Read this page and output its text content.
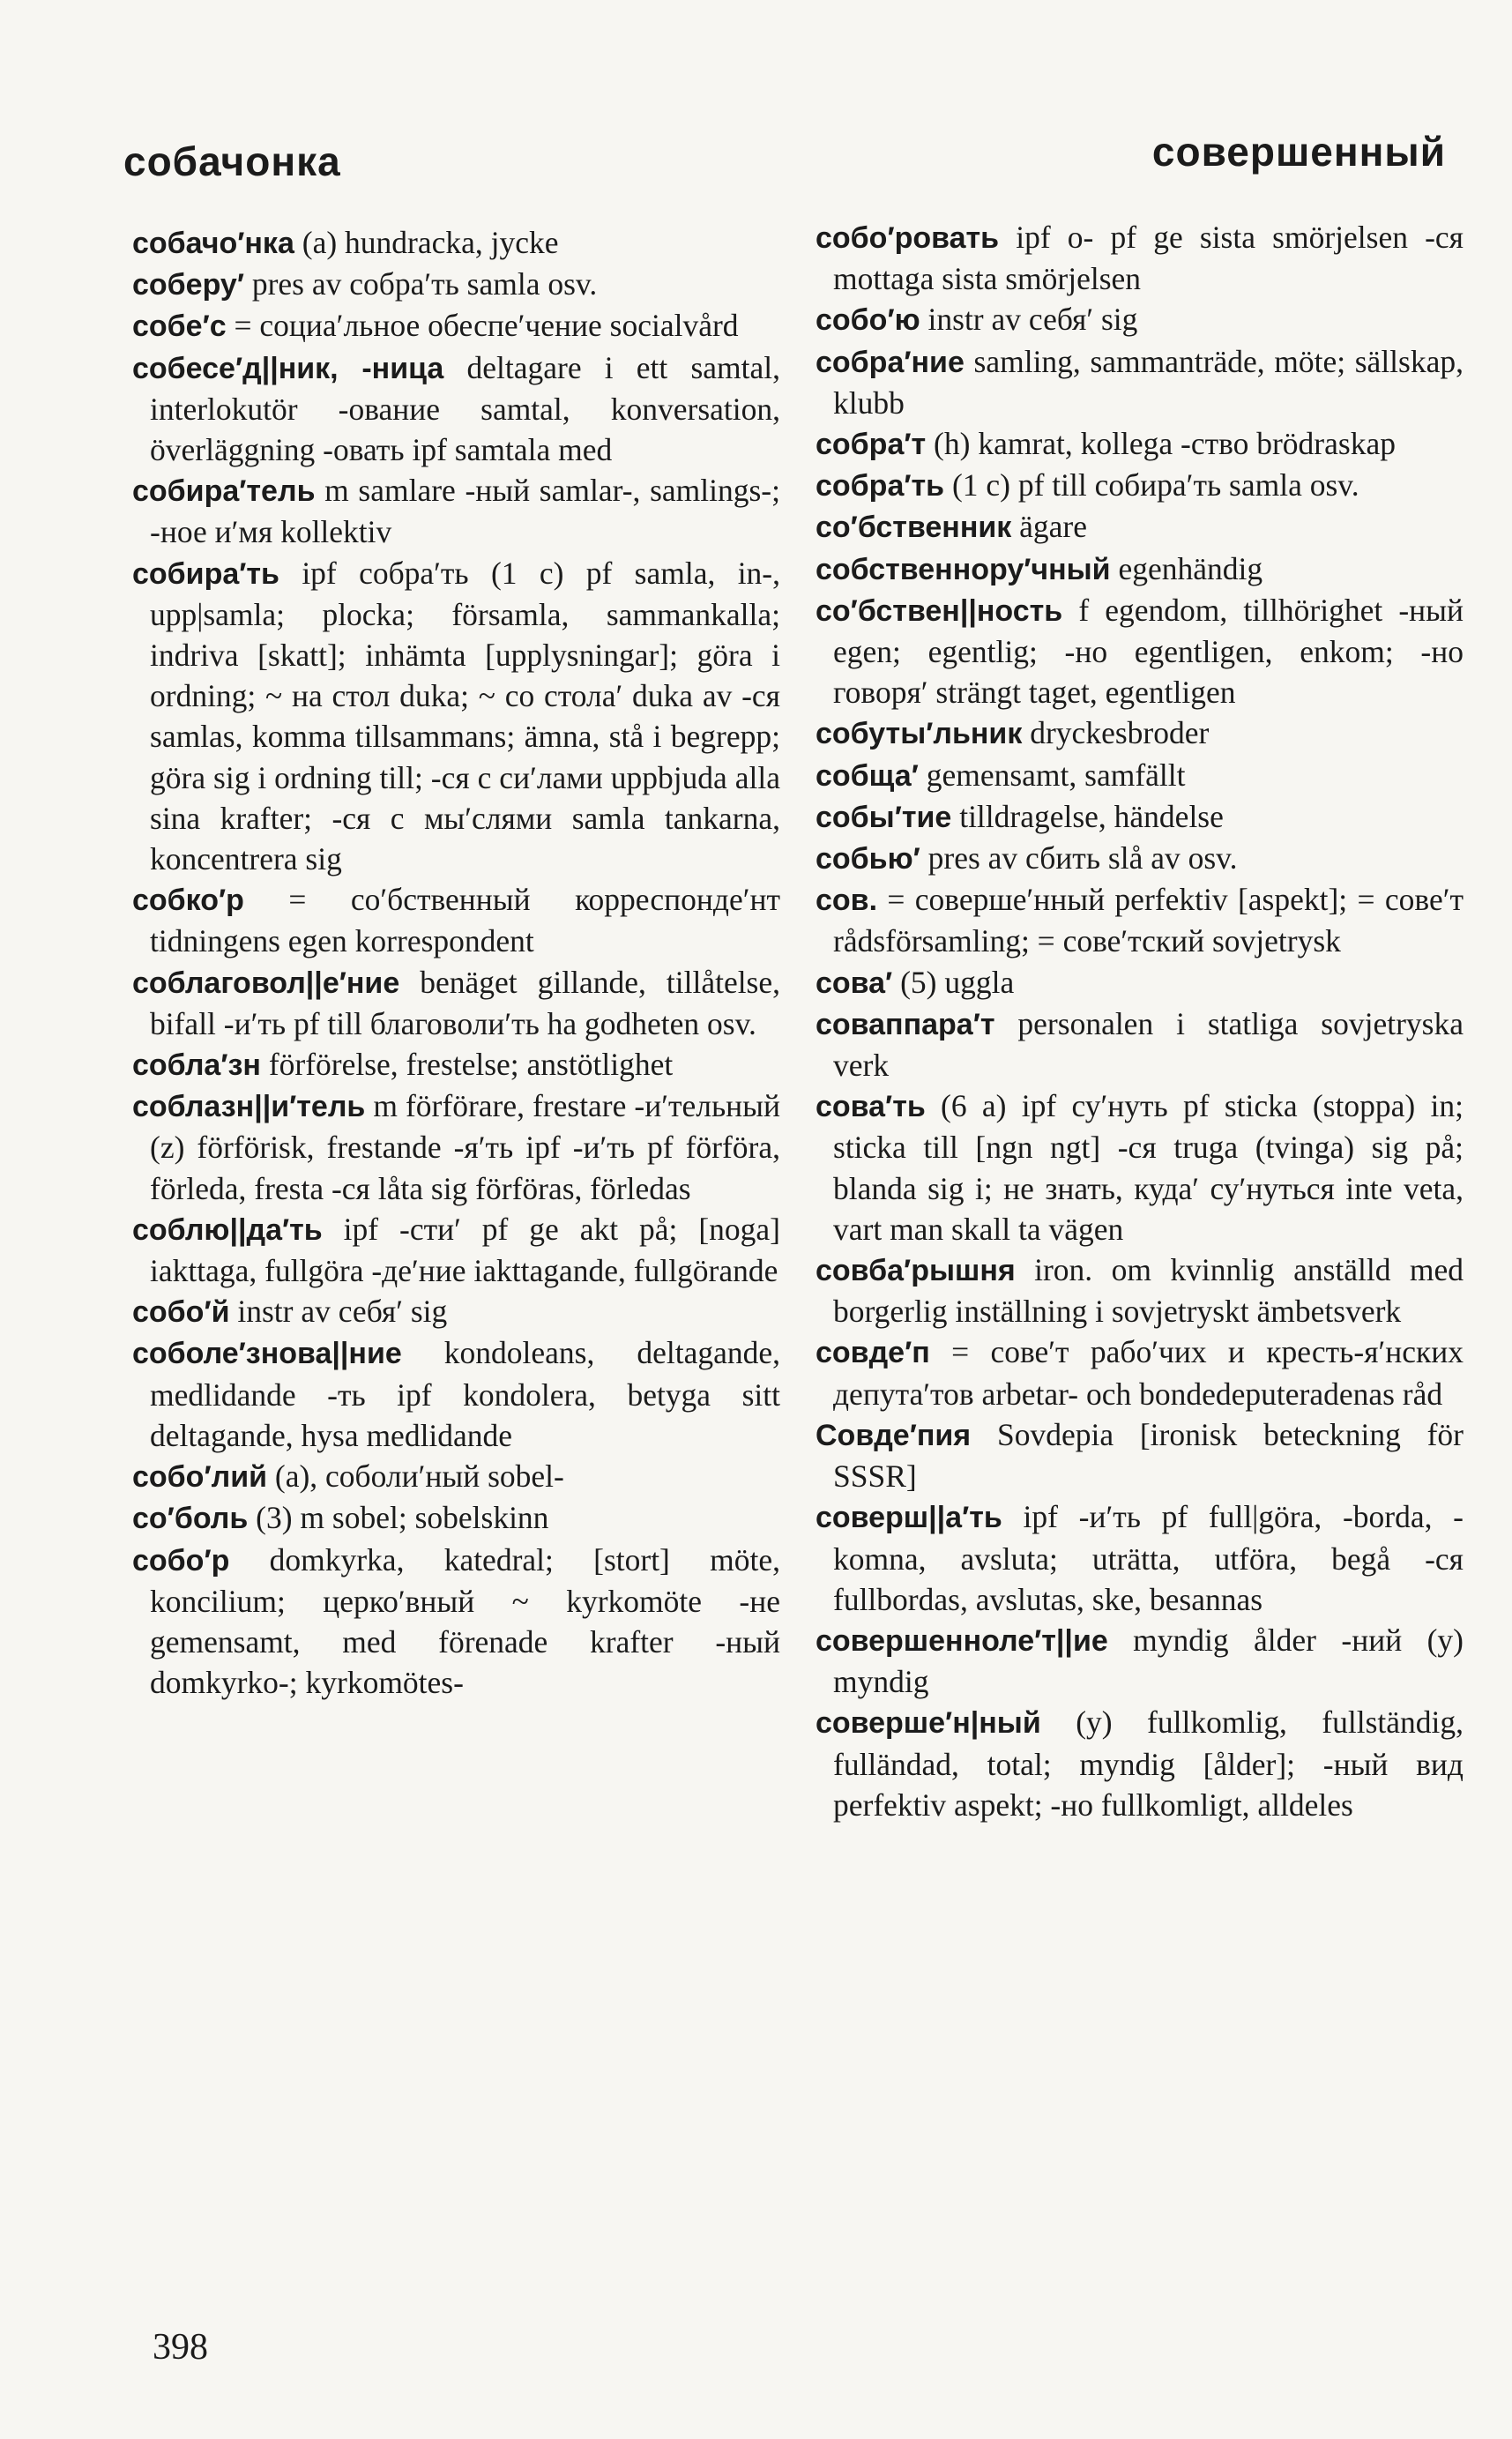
собачонка	совершенный
собачо′нка (a) hundracka, jycke
соберу′ pres av собра′ть samla osv.
собе′с = социа′льное обеспе′чение socialvård
собесе′д||ник, -ница deltagare i ett samtal, interlokutör -ование samtal, konversation, överläggning -овать ipf samtala med
собира′тель m samlare -ный samlar-, samlings-; -ное и′мя kollektiv
собира′ть ipf собра′ть (1 c) pf samla, in-, upp|samla; plocka; församla, sammankalla; indriva [skatt]; inhämta [upplysningar]; göra i ordning; ~ на стол duka; ~ со стола′ duka av -ся samlas, komma tillsammans; ämna, stå i begrepp; göra sig i ordning till; -ся с си′лами uppbjuda alla sina krafter; -ся с мы′слями samla tankarna, koncentrera sig
собко′р = со′бственный корреспонде′нт tidningens egen korrespondent
соблаговол||е′ние benäget gillande, tillåtelse, bifall -и′ть pf till благоволи′ть ha godheten osv.
собла′зн förförelse, frestelse; anstötlighet
соблазн||и′тель m förförare, frestare -и′тельный (z) förförisk, frestande -я′ть ipf -и′ть pf förföra, förleda, fresta -ся låta sig förföras, förledas
соблю||да′ть ipf -сти′ pf ge akt på; [noga] iakttaga, fullgöra -де′ние iakttagande, fullgörande
собо′й instr av себя′ sig
соболе′знова||ние kondoleans, deltagande, medlidande -ть ipf kondolera, betyga sitt deltagande, hysa medlidande
собо′лий (a), соболи′ный sobel-
со′боль (3) m sobel; sobelskinn
собо′р domkyrka, katedral; [stort] möte, koncilium; церко′вный ~ kyrkomöte -не gemensamt, med förenade krafter -ный domkyrko-; kyrkomötes-
собо′ровать ipf o- pf ge sista smörjelsen -ся mottaga sista smörjelsen
собо′ю instr av себя′ sig
собра′ние samling, sammanträde, möte; sällskap, klubb
собра′т (h) kamrat, kollega -ство brödraskap
собра′ть (1 c) pf till собира′ть samla osv.
со′бственник ägare
собственнору′чный egenhändig
со′бствен||ность f egendom, tillhörighet -ный egen; egentlig; -но egentligen, enkom; -но говоря′ strängt taget, egentligen
собуты′льник dryckesbroder
собща′ gemensamt, samfällt
собы′тие tilldragelse, händelse
собью′ pres av сбить slå av osv.
сов. = соверше′нный perfektiv [aspekt]; = сове′т rådsförsamling; = сове′тский sovjetrysk
сова′ (5) uggla
соваппара′т personalen i statliga sovjetryska verk
сова′ть (6 a) ipf су′нуть pf sticka (stoppa) in; sticka till [ngn ngt] -ся truga (tvinga) sig på; blanda sig i; не знать, куда′ су′нуться inte veta, vart man skall ta vägen
совба′рышня iron. om kvinnlig anställd med borgerlig inställning i sovjetryskt ämbetsverk
совде′п = сове′т рабо′чих и кресть-я′нских депута′тов arbetar- och bondedeputeradenas råd
Совде′пия Sovdepia [ironisk beteckning för SSSR]
соверш||а′ть ipf -и′ть pf full|göra, -borda, -komna, avsluta; uträtta, utföra, begå -ся fullbordas, avslutas, ske, besannas
совершенноле′т||ие myndig ålder -ний (y) myndig
соверше′н|ный (y) fullkomlig, fullständig, fulländad, total; myndig [ålder]; -ный вид perfektiv aspekt; -но fullkomligt, alldeles
398
